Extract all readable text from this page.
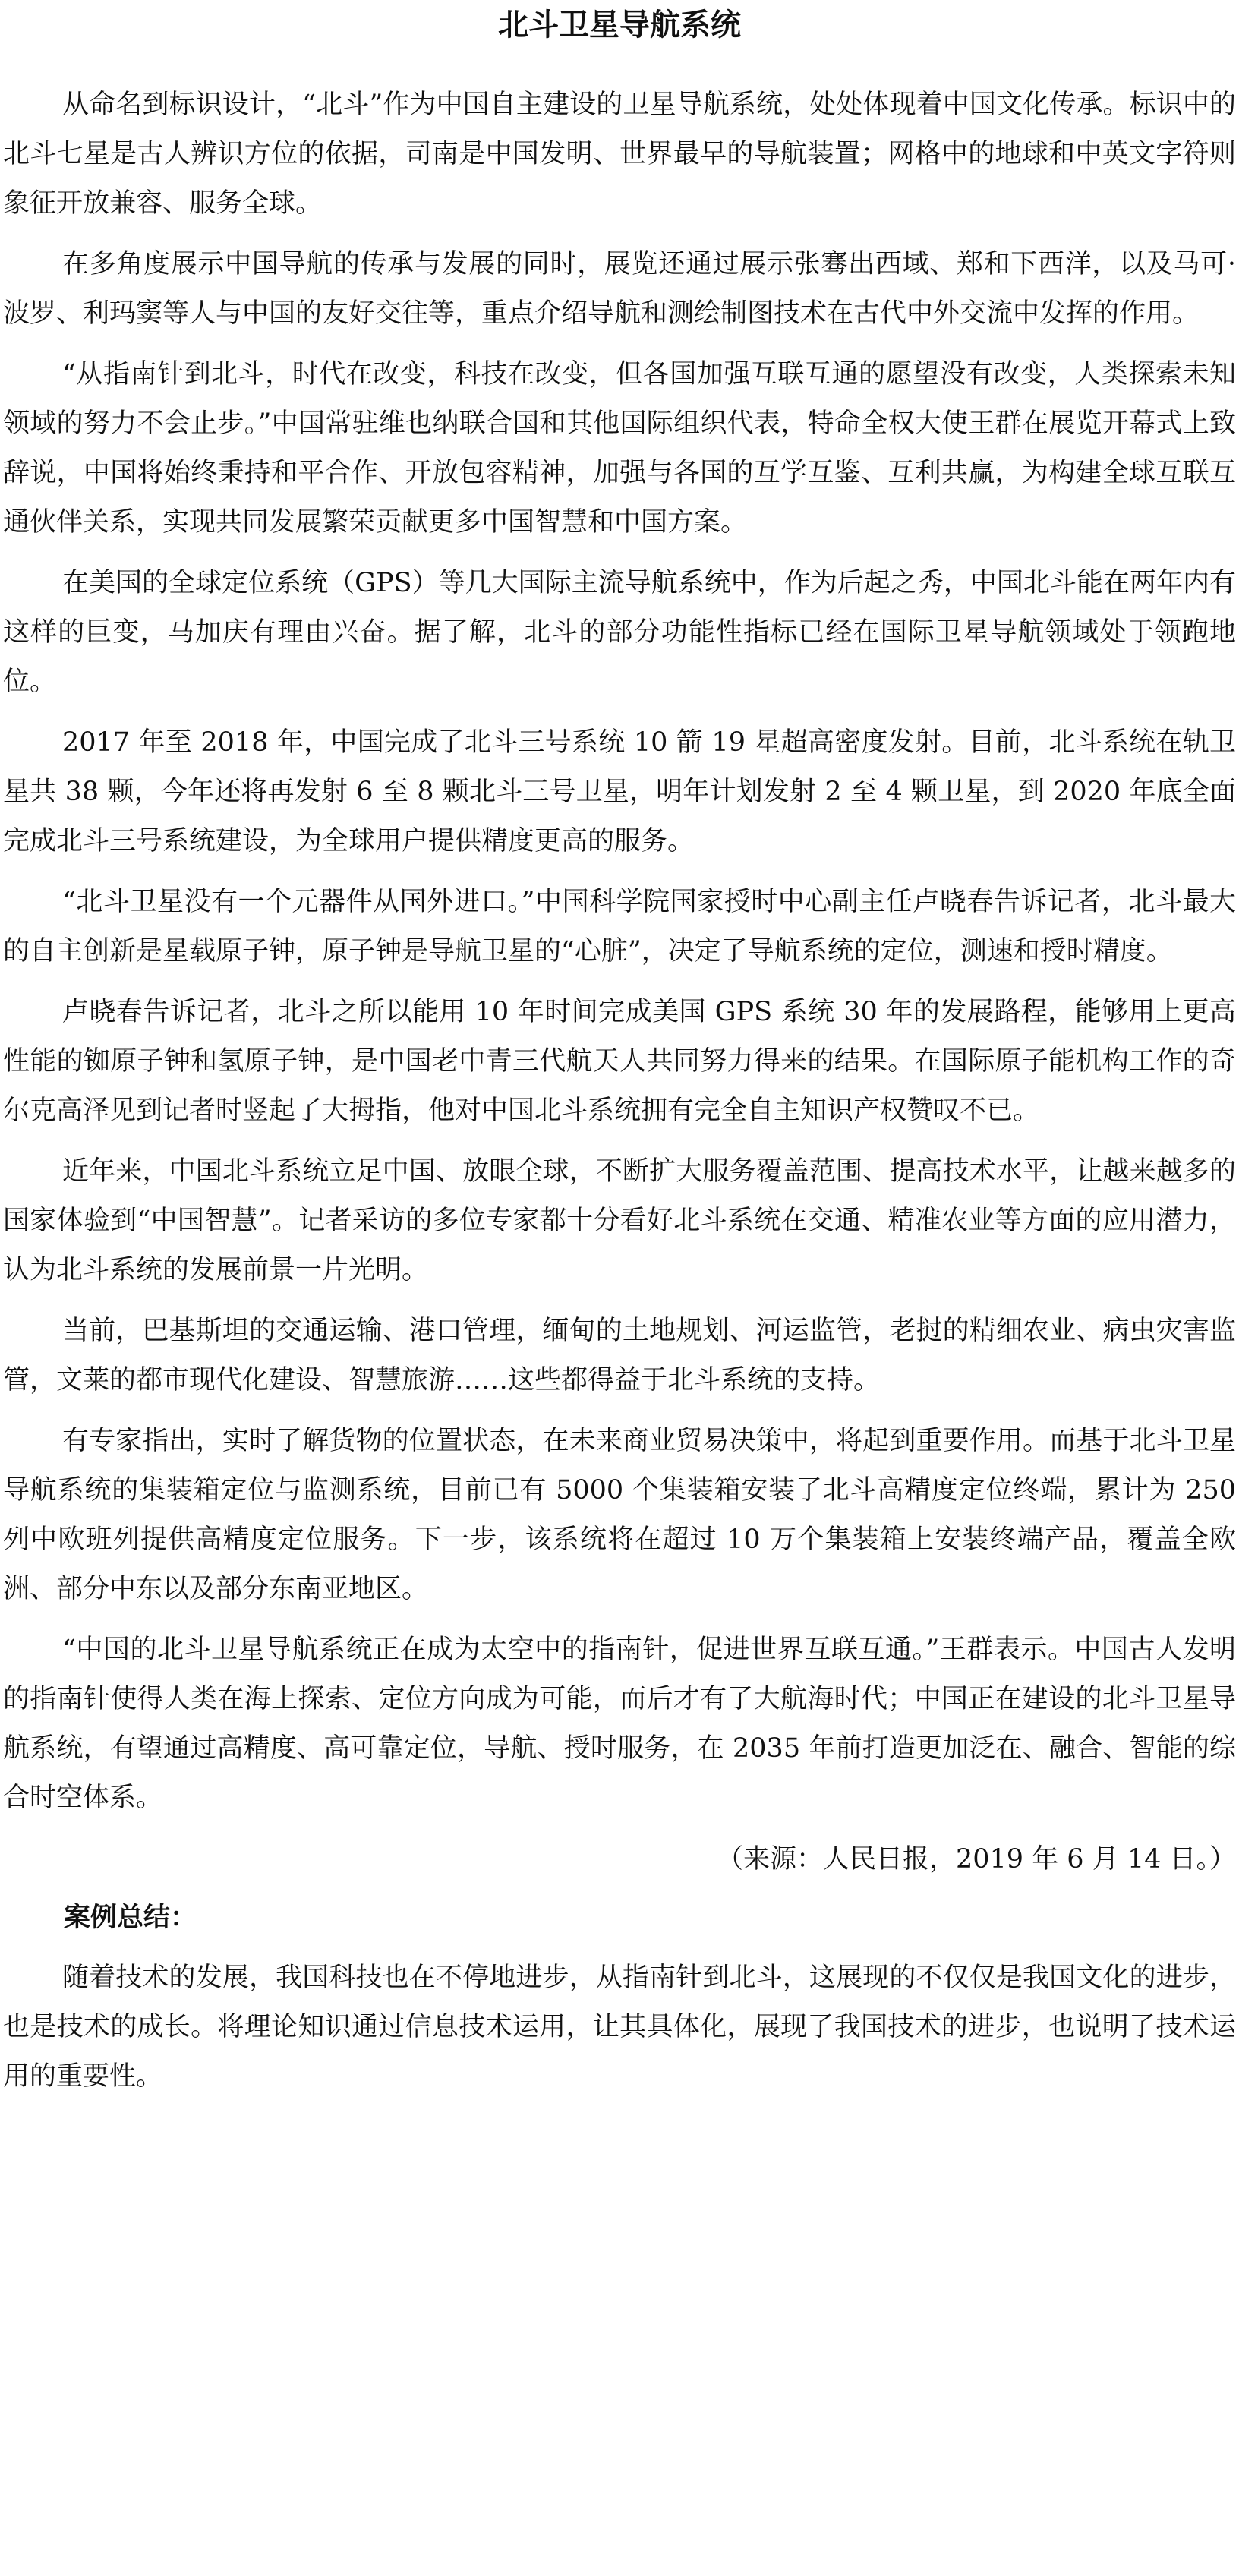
北斗卫星导航系统

从命名到标识设计，“北斗”作为中国自主建设的卫星导航系统，处处体现着中国文化传承。标识中的北斗七星是古人辨识方位的依据，司南是中国发明、世界最早的导航装置；网格中的地球和中英文字符则象征开放兼容、服务全球。

在多角度展示中国导航的传承与发展的同时，展览还通过展示张骞出西域、郑和下西洋，以及马可·波罗、利玛窦等人与中国的友好交往等，重点介绍导航和测绘制图技术在古代中外交流中发挥的作用。

“从指南针到北斗，时代在改变，科技在改变，但各国加强互联互通的愿望没有改变，人类探索未知领域的努力不会止步。”中国常驻维也纳联合国和其他国际组织代表，特命全权大使王群在展览开幕式上致辞说，中国将始终秉持和平合作、开放包容精神，加强与各国的互学互鉴、互利共赢，为构建全球互联互通伙伴关系，实现共同发展繁荣贡献更多中国智慧和中国方案。

在美国的全球定位系统（GPS）等几大国际主流导航系统中，作为后起之秀，中国北斗能在两年内有这样的巨变，马加庆有理由兴奋。据了解，北斗的部分功能性指标已经在国际卫星导航领域处于领跑地位。

2017 年至 2018 年，中国完成了北斗三号系统 10 箭 19 星超高密度发射。目前，北斗系统在轨卫星共 38 颗，今年还将再发射 6 至 8 颗北斗三号卫星，明年计划发射 2 至 4 颗卫星，到 2020 年底全面完成北斗三号系统建设，为全球用户提供精度更高的服务。

“北斗卫星没有一个元器件从国外进口。”中国科学院国家授时中心副主任卢晓春告诉记者，北斗最大的自主创新是星载原子钟，原子钟是导航卫星的“心脏”，决定了导航系统的定位，测速和授时精度。

卢晓春告诉记者，北斗之所以能用 10 年时间完成美国 GPS 系统 30 年的发展路程，能够用上更高性能的铷原子钟和氢原子钟，是中国老中青三代航天人共同努力得来的结果。在国际原子能机构工作的奇尔克高泽见到记者时竖起了大拇指，他对中国北斗系统拥有完全自主知识产权赞叹不已。

近年来，中国北斗系统立足中国、放眼全球，不断扩大服务覆盖范围、提高技术水平，让越来越多的国家体验到“中国智慧”。记者采访的多位专家都十分看好北斗系统在交通、精准农业等方面的应用潜力，认为北斗系统的发展前景一片光明。

当前，巴基斯坦的交通运输、港口管理，缅甸的土地规划、河运监管，老挝的精细农业、病虫灾害监管，文莱的都市现代化建设、智慧旅游……这些都得益于北斗系统的支持。

有专家指出，实时了解货物的位置状态，在未来商业贸易决策中，将起到重要作用。而基于北斗卫星导航系统的集装箱定位与监测系统，目前已有 5000 个集装箱安装了北斗高精度定位终端，累计为 250 列中欧班列提供高精度定位服务。下一步，该系统将在超过 10 万个集装箱上安装终端产品，覆盖全欧洲、部分中东以及部分东南亚地区。

“中国的北斗卫星导航系统正在成为太空中的指南针，促进世界互联互通。”王群表示。中国古人发明的指南针使得人类在海上探索、定位方向成为可能，而后才有了大航海时代；中国正在建设的北斗卫星导航系统，有望通过高精度、高可靠定位，导航、授时服务，在 2035 年前打造更加泛在、融合、智能的综合时空体系。

（来源：人民日报，2019 年 6 月 14 日。）

案例总结：

随着技术的发展，我国科技也在不停地进步，从指南针到北斗，这展现的不仅仅是我国文化的进步，也是技术的成长。将理论知识通过信息技术运用，让其具体化，展现了我国技术的进步，也说明了技术运用的重要性。
